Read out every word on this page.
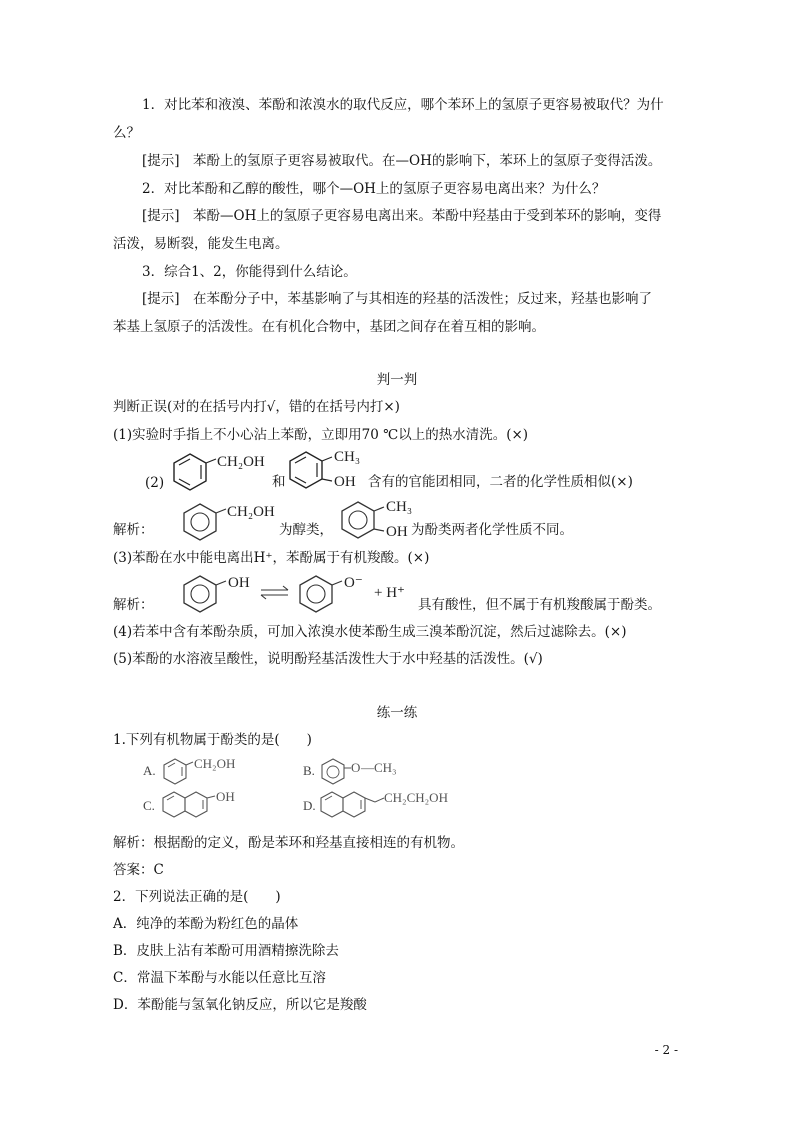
1．对比苯和液溴、苯酚和浓溴水的取代反应，哪个苯环上的氢原子更容易被取代？为什
么？
[提示]　苯酚上的氢原子更容易被取代。在—OH的影响下，苯环上的氢原子变得活泼。
2．对比苯酚和乙醇的酸性，哪个—OH上的氢原子更容易电离出来？为什么？
[提示]　苯酚—OH上的氢原子更容易电离出来。苯酚中羟基由于受到苯环的影响，变得
活泼，易断裂，能发生电离。
3．综合1、2，你能得到什么结论。
[提示]　在苯酚分子中，苯基影响了与其相连的羟基的活泼性；反过来，羟基也影响了
苯基上氢原子的活泼性。在有机化合物中，基团之间存在着互相的影响。
判一判
判断正误(对的在括号内打√，错的在括号内打×)
(1)实验时手指上不小心沾上苯酚，立即用70 ℃以上的热水清洗。(×)
(2)
CH₂OH
和
CH₃
OH 含有的官能团相同，二者的化学性质相似(×)
解析：
CH₂OH
为醇类，
CH₃
OH 为酚类两者化学性质不同。
(3)苯酚在水中能电离出H⁺，苯酚属于有机羧酸。(×)
解析：
OH	O⁻
+ H⁺
具有酸性，但不属于有机羧酸属于酚类。
(4)若苯中含有苯酚杂质，可加入浓溴水使苯酚生成三溴苯酚沉淀，然后过滤除去。(×)
(5)苯酚的水溶液呈酸性，说明酚羟基活泼性大于水中羟基的活泼性。(√)
练一练
1.下列有机物属于酚类的是(　　)
A.	CH₂OH	B.	O —CH₃
C.
OH
D.
CH₂CH₂OH
解析：根据酚的定义，酚是苯环和羟基直接相连的有机物。
答案：C
2．下列说法正确的是(　　)
A．纯净的苯酚为粉红色的晶体
B．皮肤上沾有苯酚可用酒精擦洗除去
C．常温下苯酚与水能以任意比互溶
D．苯酚能与氢氧化钠反应，所以它是羧酸
- 2 -
